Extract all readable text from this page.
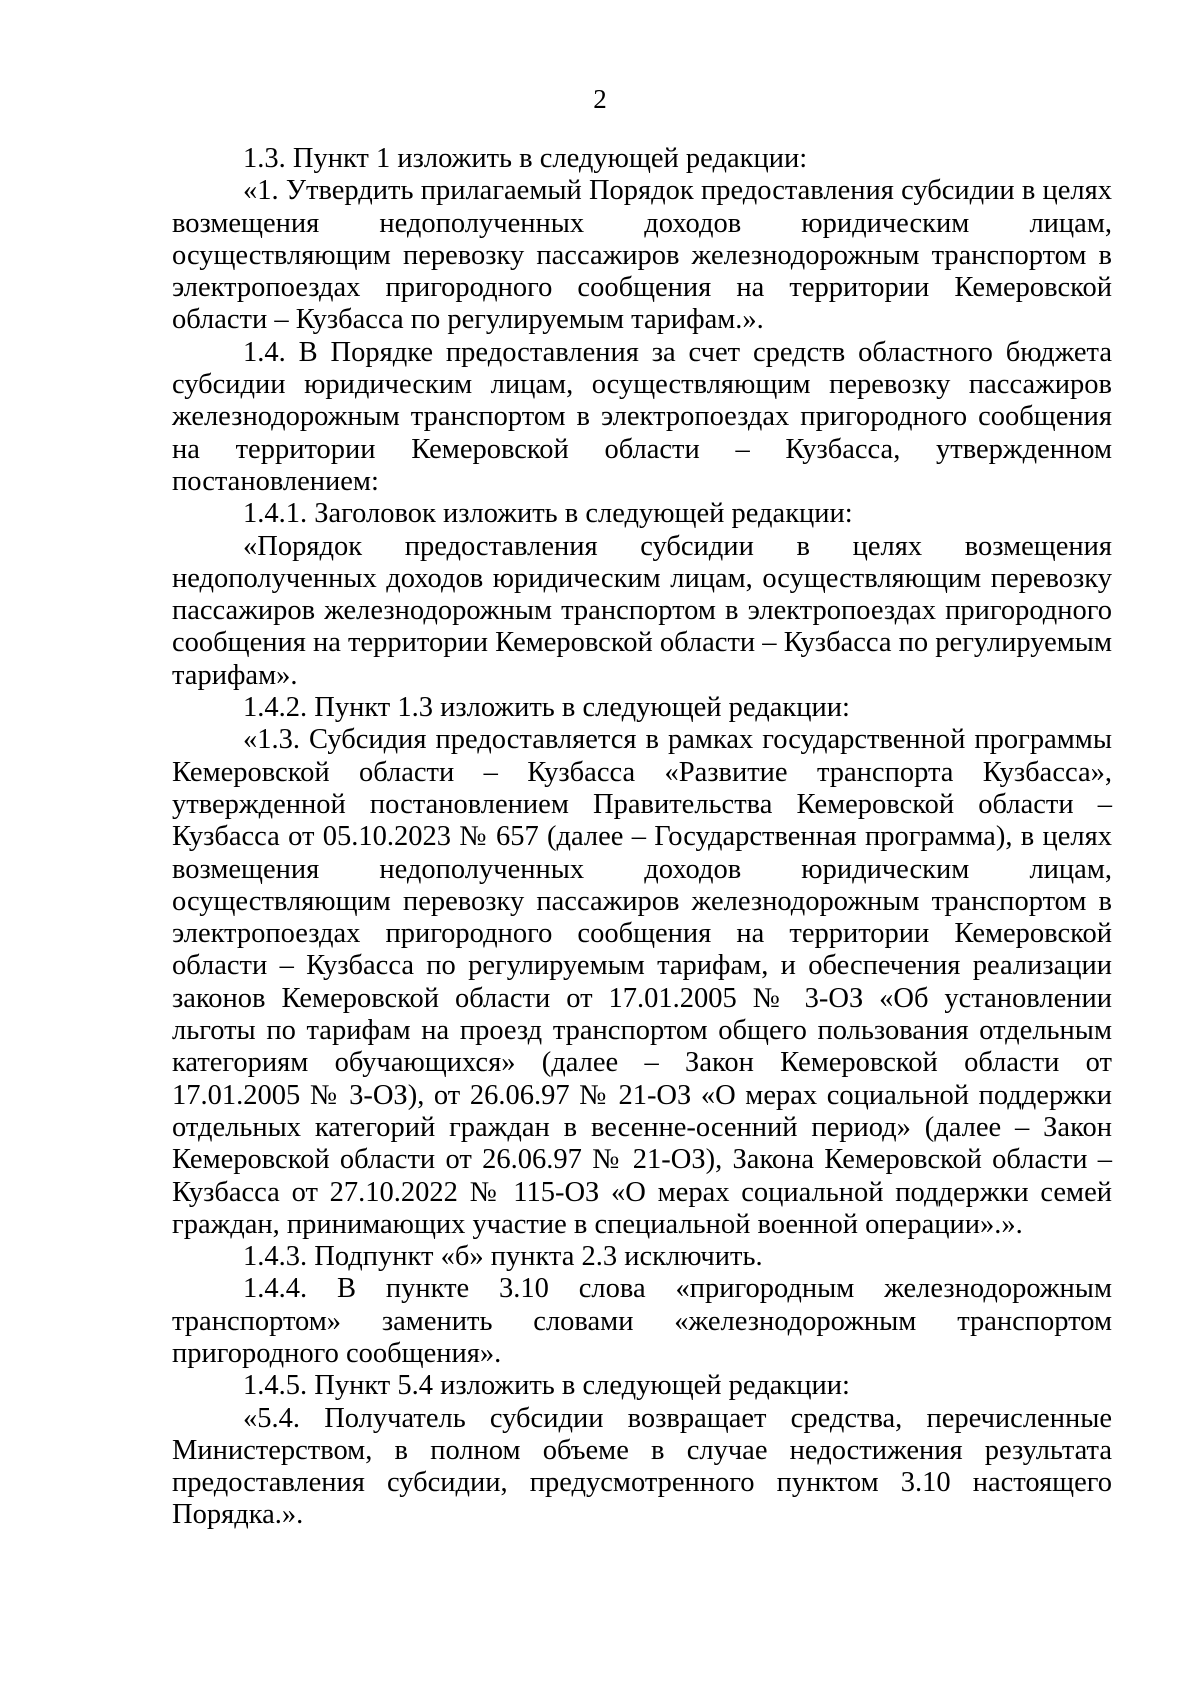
2

1.3. Пункт 1 изложить в следующей редакции:

«1. Утвердить прилагаемый Порядок предоставления субсидии в целях возмещения недополученных доходов юридическим лицам, осуществляющим перевозку пассажиров железнодорожным транспортом в электропоездах пригородного сообщения на территории Кемеровской области – Кузбасса по регулируемым тарифам.».

1.4. В Порядке предоставления за счет средств областного бюджета субсидии юридическим лицам, осуществляющим перевозку пассажиров железнодорожным транспортом в электропоездах пригородного сообщения на территории Кемеровской области – Кузбасса, утвержденном постановлением:

1.4.1. Заголовок изложить в следующей редакции:

«Порядок предоставления субсидии в целях возмещения недополученных доходов юридическим лицам, осуществляющим перевозку пассажиров железнодорожным транспортом в электропоездах пригородного сообщения на территории Кемеровской области – Кузбасса по регулируемым тарифам».

1.4.2. Пункт 1.3 изложить в следующей редакции:

«1.3. Субсидия предоставляется в рамках государственной программы Кемеровской области – Кузбасса «Развитие транспорта Кузбасса», утвержденной постановлением Правительства Кемеровской области – Кузбасса от 05.10.2023 № 657 (далее – Государственная программа), в целях возмещения недополученных доходов юридическим лицам, осуществляющим перевозку пассажиров железнодорожным транспортом в электропоездах пригородного сообщения на территории Кемеровской области – Кузбасса по регулируемым тарифам, и обеспечения реализации законов Кемеровской области от 17.01.2005 № 3-ОЗ «Об установлении льготы по тарифам на проезд транспортом общего пользования отдельным категориям обучающихся» (далее – Закон Кемеровской области от 17.01.2005 № 3-ОЗ), от 26.06.97 № 21-ОЗ «О мерах социальной поддержки отдельных категорий граждан в весенне-осенний период» (далее – Закон Кемеровской области от 26.06.97 № 21-ОЗ), Закона Кемеровской области – Кузбасса от 27.10.2022 № 115-ОЗ «О мерах социальной поддержки семей граждан, принимающих участие в специальной военной операции».».

1.4.3. Подпункт «б» пункта 2.3 исключить.

1.4.4. В пункте 3.10 слова «пригородным железнодорожным транспортом» заменить словами «железнодорожным транспортом пригородного сообщения».

1.4.5. Пункт 5.4 изложить в следующей редакции:

«5.4. Получатель субсидии возвращает средства, перечисленные Министерством, в полном объеме в случае недостижения результата предоставления субсидии, предусмотренного пунктом 3.10 настоящего Порядка.».
